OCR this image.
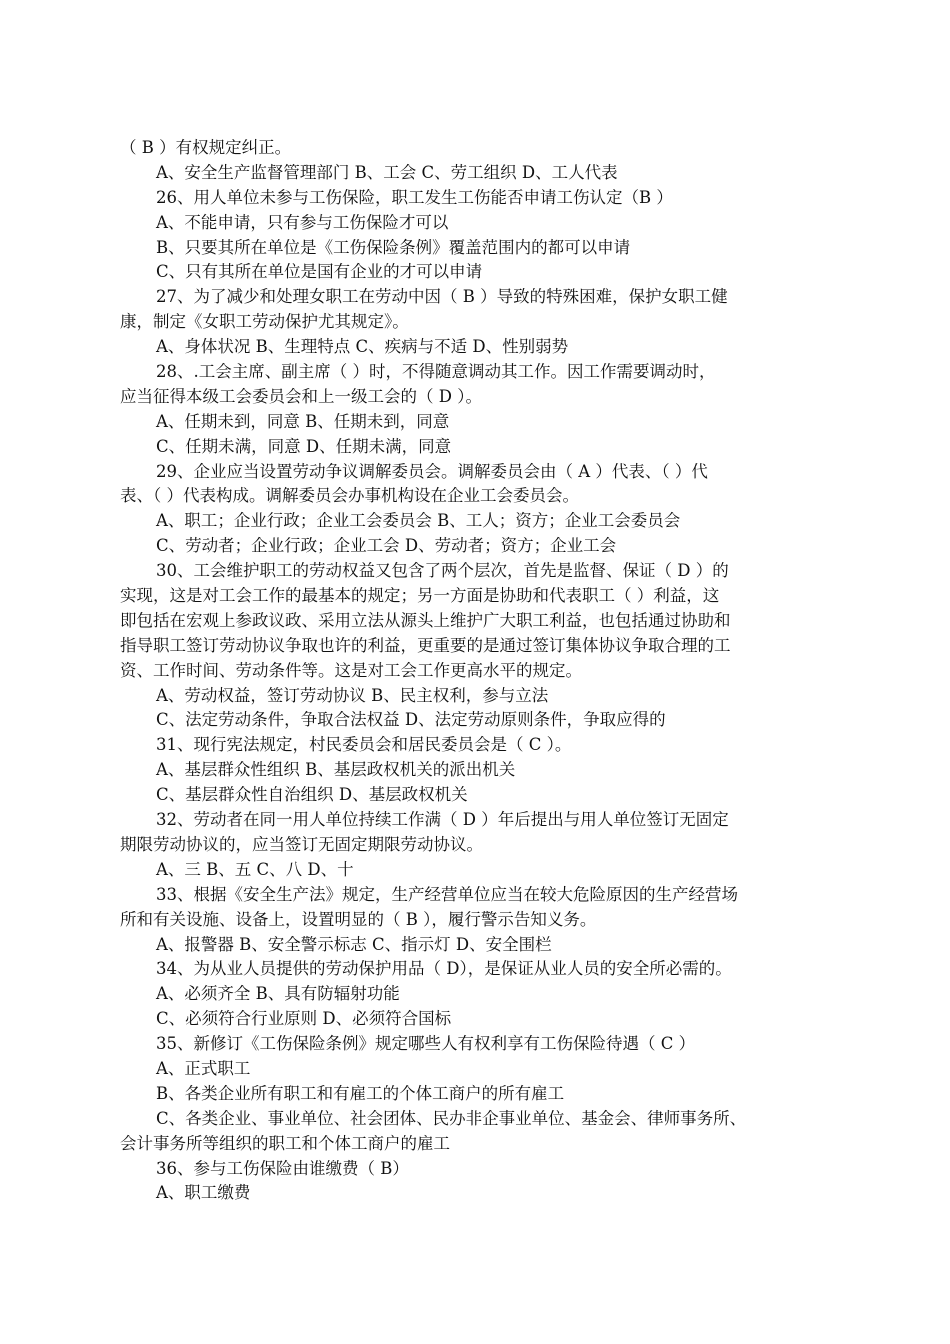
（ B ）有权规定纠正。
A、安全生产监督管理部门 B、工会 C、劳工组织 D、工人代表
26、用人单位未参与工伤保险，职工发生工伤能否申请工伤认定（B ）
A、不能申请，只有参与工伤保险才可以
B、只要其所在单位是《工伤保险条例》覆盖范围内的都可以申请
C、只有其所在单位是国有企业的才可以申请
27、为了减少和处理女职工在劳动中因（ B ）导致的特殊困难，保护女职工健
康，制定《女职工劳动保护尤其规定》。
A、身体状况 B、生理特点 C、疾病与不适 D、性别弱势
28、.工会主席、副主席（ ）时，不得随意调动其工作。因工作需要调动时，
应当征得本级工会委员会和上一级工会的（ D ）。
A、任期未到，同意 B、任期未到，同意
C、任期未满，同意 D、任期未满，同意
29、企业应当设置劳动争议调解委员会。调解委员会由（ A ）代表、（ ）代
表、（ ）代表构成。调解委员会办事机构设在企业工会委员会。
A、职工；企业行政；企业工会委员会 B、工人；资方；企业工会委员会
C、劳动者；企业行政；企业工会 D、劳动者；资方；企业工会
30、工会维护职工的劳动权益又包含了两个层次，首先是监督、保证（ D ）的
实现，这是对工会工作的最基本的规定；另一方面是协助和代表职工（ ）利益，这
即包括在宏观上参政议政、采用立法从源头上维护广大职工利益，也包括通过协助和
指导职工签订劳动协议争取也许的利益，更重要的是通过签订集体协议争取合理的工
资、工作时间、劳动条件等。这是对工会工作更高水平的规定。
A、劳动权益，签订劳动协议 B、民主权利，参与立法
C、法定劳动条件，争取合法权益 D、法定劳动原则条件，争取应得的
31、现行宪法规定，村民委员会和居民委员会是（ C ）。
A、基层群众性组织 B、基层政权机关的派出机关
C、基层群众性自治组织 D、基层政权机关
32、劳动者在同一用人单位持续工作满（ D ）年后提出与用人单位签订无固定
期限劳动协议的，应当签订无固定期限劳动协议。
A、三 B、五 C、八 D、十
33、根据《安全生产法》规定，生产经营单位应当在较大危险原因的生产经营场
所和有关设施、设备上，设置明显的（ B ），履行警示告知义务。
A、报警器 B、安全警示标志 C、指示灯 D、安全围栏
34、为从业人员提供的劳动保护用品（ D），是保证从业人员的安全所必需的。
A、必须齐全 B、具有防辐射功能
C、必须符合行业原则 D、必须符合国标
35、新修订《工伤保险条例》规定哪些人有权利享有工伤保险待遇（ C ）
A、正式职工
B、各类企业所有职工和有雇工的个体工商户的所有雇工
C、各类企业、事业单位、社会团体、民办非企事业单位、基金会、律师事务所、
会计事务所等组织的职工和个体工商户的雇工
36、参与工伤保险由谁缴费（ B）
A、职工缴费
